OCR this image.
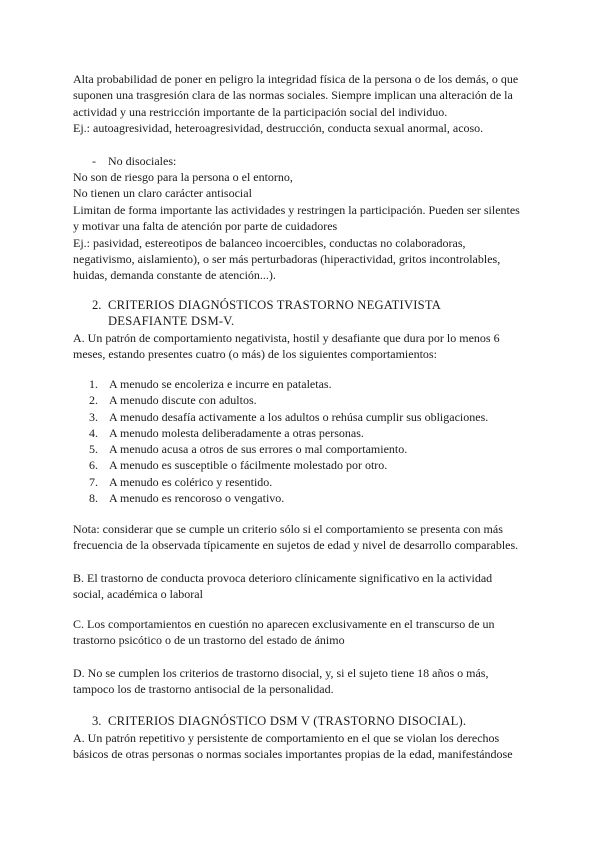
Alta probabilidad de poner en peligro la integridad física de la persona o de los demás, o que
suponen una trasgresión clara de las normas sociales. Siempre implican una alteración de la
actividad y una restricción importante de la participación social del individuo.
Ej.: autoagresividad, heteroagresividad, destrucción, conducta sexual anormal, acoso.

- No disociales:

No son de riesgo para la persona o el entorno,
No tienen un claro carácter antisocial
Limitan de forma importante las actividades y restringen la participación. Pueden ser silentes
y motivar una falta de atención por parte de cuidadores
Ej.: pasividad, estereotipos de balanceo incoercibles, conductas no colaboradoras,
negativismo, aislamiento), o ser más perturbadoras (hiperactividad, gritos incontrolables,
huidas, demanda constante de atención...).

2. CRITERIOS DIAGNÓSTICOS TRASTORNO NEGATIVISTA
DESAFIANTE DSM-V.

A. Un patrón de comportamiento negativista, hostil y desafiante que dura por lo menos 6
meses, estando presentes cuatro (o más) de los siguientes comportamientos:

1. A menudo se encoleriza e incurre en pataletas.
2. A menudo discute con adultos.
3. A menudo desafía activamente a los adultos o rehúsa cumplir sus obligaciones.
4. A menudo molesta deliberadamente a otras personas.
5. A menudo acusa a otros de sus errores o mal comportamiento.
6. A menudo es susceptible o fácilmente molestado por otro.
7. A menudo es colérico y resentido.
8. A menudo es rencoroso o vengativo.

Nota: considerar que se cumple un criterio sólo si el comportamiento se presenta con más
frecuencia de la observada típicamente en sujetos de edad y nivel de desarrollo comparables.

B. El trastorno de conducta provoca deterioro clínicamente significativo en la actividad
social, académica o laboral

C. Los comportamientos en cuestión no aparecen exclusivamente en el transcurso de un
trastorno psicótico o de un trastorno del estado de ánimo

D. No se cumplen los criterios de trastorno disocial, y, si el sujeto tiene 18 años o más,
tampoco los de trastorno antisocial de la personalidad.

3. CRITERIOS DIAGNÓSTICO DSM V (TRASTORNO DISOCIAL).

A. Un patrón repetitivo y persistente de comportamiento en el que se violan los derechos
básicos de otras personas o normas sociales importantes propias de la edad, manifestándose
